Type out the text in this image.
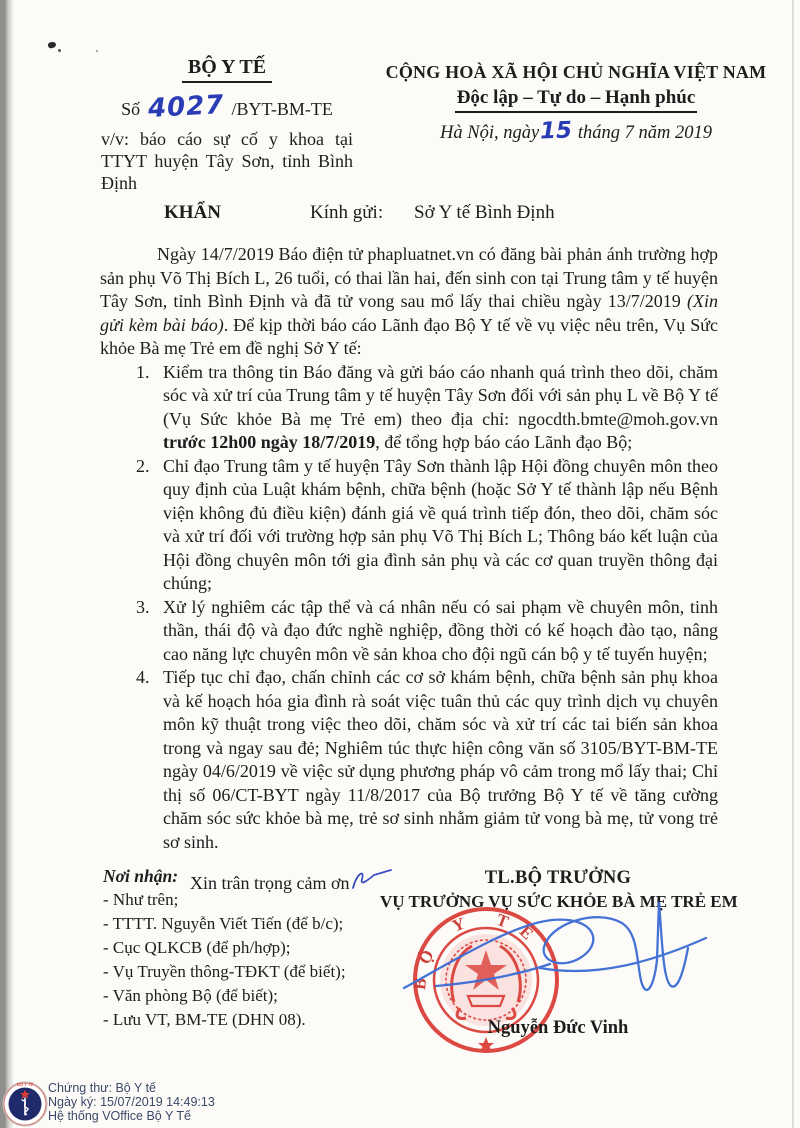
BỘ Y TẾ
Số 4027 /BYT-BM-TE
v/v: báo cáo sự cố y khoa tại TTYT huyện Tây Sơn, tỉnh Bình Định
CỘNG HOÀ XÃ HỘI CHỦ NGHĨA VIỆT NAM
Độc lập – Tự do – Hạnh phúc
Hà Nội, ngày15 tháng 7 năm 2019
KHẨN	Kính gửi: Sở Y tế Bình Định

Ngày 14/7/2019 Báo điện tử phapluatnet.vn có đăng bài phản ánh trường hợp sản phụ Võ Thị Bích L, 26 tuổi, có thai lần hai, đến sinh con tại Trung tâm y tế huyện Tây Sơn, tỉnh Bình Định và đã tử vong sau mổ lấy thai chiều ngày 13/7/2019 (Xin gửi kèm bài báo). Để kịp thời báo cáo Lãnh đạo Bộ Y tế về vụ việc nêu trên, Vụ Sức khỏe Bà mẹ Trẻ em đề nghị Sở Y tế:

1. Kiểm tra thông tin Báo đăng và gửi báo cáo nhanh quá trình theo dõi, chăm sóc và xử trí của Trung tâm y tế huyện Tây Sơn đối với sản phụ L về Bộ Y tế (Vụ Sức khỏe Bà mẹ Trẻ em) theo địa chỉ: ngocdth.bmte@moh.gov.vn trước 12h00 ngày 18/7/2019, để tổng hợp báo cáo Lãnh đạo Bộ;
2. Chỉ đạo Trung tâm y tế huyện Tây Sơn thành lập Hội đồng chuyên môn theo quy định của Luật khám bệnh, chữa bệnh (hoặc Sở Y tế thành lập nếu Bệnh viện không đủ điều kiện) đánh giá về quá trình tiếp đón, theo dõi, chăm sóc và xử trí đối với trường hợp sản phụ Võ Thị Bích L; Thông báo kết luận của Hội đồng chuyên môn tới gia đình sản phụ và các cơ quan truyền thông đại chúng;
3. Xử lý nghiêm các tập thể và cá nhân nếu có sai phạm về chuyên môn, tinh thần, thái độ và đạo đức nghề nghiệp, đồng thời có kế hoạch đào tạo, nâng cao năng lực chuyên môn về sản khoa cho đội ngũ cán bộ y tế tuyến huyện;
4. Tiếp tục chỉ đạo, chấn chỉnh các cơ sở khám bệnh, chữa bệnh sản phụ khoa và kế hoạch hóa gia đình rà soát việc tuân thủ các quy trình dịch vụ chuyên môn kỹ thuật trong việc theo dõi, chăm sóc và xử trí các tai biến sản khoa trong và ngay sau đẻ; Nghiêm túc thực hiện công văn số 3105/BYT-BM-TE ngày 04/6/2019 về việc sử dụng phương pháp vô cảm trong mổ lấy thai; Chỉ thị số 06/CT-BYT ngày 11/8/2017 của Bộ trưởng Bộ Y tế về tăng cường chăm sóc sức khỏe bà mẹ, trẻ sơ sinh nhằm giảm tử vong bà mẹ, tử vong trẻ sơ sinh.
Xin trân trọng cảm ơn
Nơi nhận:
- Như trên;
- TTTT. Nguyễn Viết Tiến (để b/c);
- Cục QLKCB (để ph/hợp);
- Vụ Truyền thông-TĐKT (để biết);
- Văn phòng Bộ (để biết);
- Lưu VT, BM-TE (DHN 08).
TL.BỘ TRƯỞNG
VỤ TRƯỞNG VỤ SỨC KHỎE BÀ MẸ TRẺ EM
BỘ Y TẾ
Nguyễn Đức Vinh
BỘ Y TẾ Chứng thư: Bộ Y tế
Ngày ký: 15/07/2019 14:49:13
Hệ thống VOffice Bộ Y Tế
